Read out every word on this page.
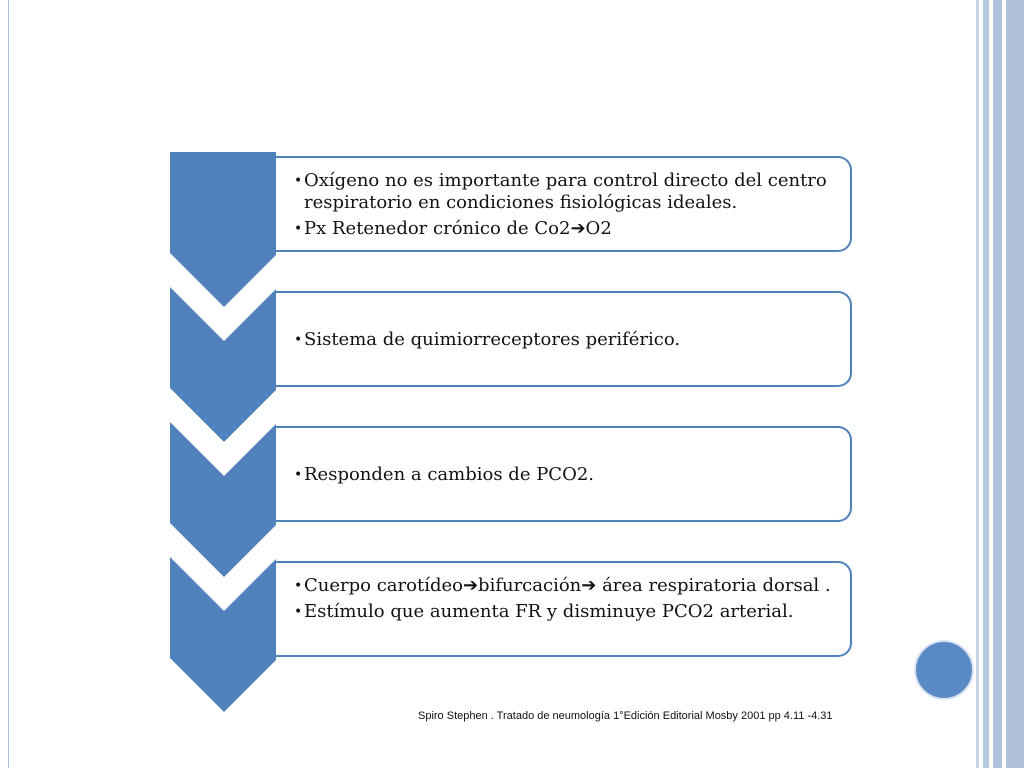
• Oxígeno no es importante para control directo del centro respiratorio en condiciones fisiológicas ideales.
• Px Retenedor crónico de Co2➔O2
• Sistema de quimiorreceptores periférico.
• Responden a cambios de PCO2.
• Cuerpo carotídeo➔bifurcación➔ área respiratoria dorsal .
• Estímulo que aumenta FR y disminuye PCO2 arterial.
Spiro Stephen . Tratado de neumología 1°Edición Editorial Mosby 2001 pp 4.11 -4.31
